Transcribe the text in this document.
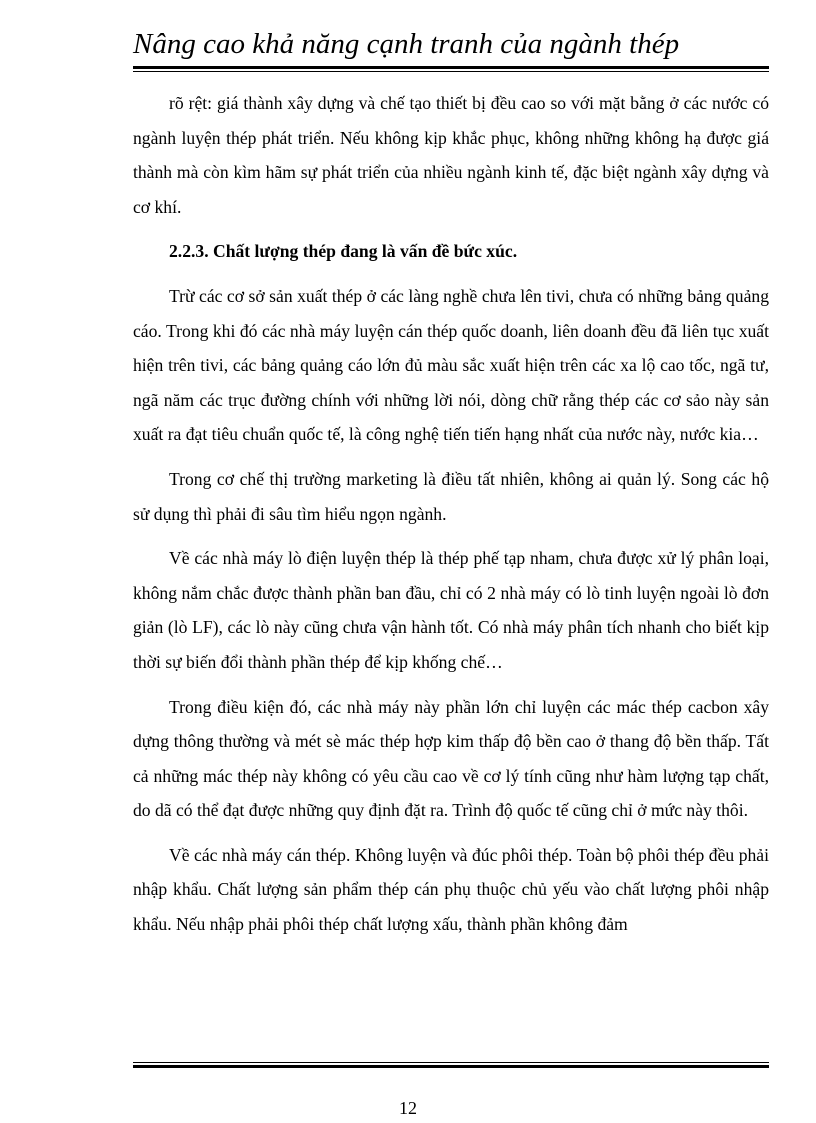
Nâng cao khả năng cạnh tranh của ngành thép

rõ rệt: giá thành xây dựng và chế tạo thiết bị đều cao so với mặt bằng ở các nước có ngành luyện thép phát triển. Nếu không kịp khắc phục, không những không hạ được giá thành mà còn kìm hãm sự phát triển của nhiều ngành kinh tế, đặc biệt ngành xây dựng và cơ khí.

2.2.3. Chất lượng thép đang là vấn đề bức xúc.

Trừ các cơ sở sản xuất thép ở các làng nghề chưa lên tivi, chưa có những bảng quảng cáo. Trong khi đó các nhà máy luyện cán thép quốc doanh, liên doanh đều đã liên tục xuất hiện trên tivi, các bảng quảng cáo lớn đủ màu sắc xuất hiện trên các xa lộ cao tốc, ngã tư, ngã năm các trục đường chính với những lời nói, dòng chữ rằng thép các cơ sảo này sản xuất ra đạt tiêu chuẩn quốc tế, là công nghệ tiến tiến hạng nhất của nước này, nước kia…

Trong cơ chế thị trường marketing là điều tất nhiên, không ai quản lý. Song các hộ sử dụng thì phải đi sâu tìm hiểu ngọn ngành.

Về các nhà máy lò điện luyện thép là thép phế tạp nham, chưa được xử lý phân loại, không nắm chắc được thành phần ban đầu, chỉ có 2 nhà máy có lò tinh luyện ngoài lò đơn giản (lò LF), các lò này cũng chưa vận hành tốt. Có nhà máy phân tích nhanh cho biết kịp thời sự biến đổi thành phần thép để kịp khống chế…

Trong điều kiện đó, các nhà máy này phần lớn chỉ luyện các mác thép cacbon xây dựng thông thường và mét sè mác thép hợp kim thấp độ bền cao ở thang độ bền thấp. Tất cả những mác thép này không có yêu cầu cao về cơ lý tính cũng như hàm lượng tạp chất, do dã có thể đạt được những quy định đặt ra. Trình độ quốc tế cũng chỉ ở mức này thôi.

Về các nhà máy cán thép. Không luyện và đúc phôi thép. Toàn bộ phôi thép đều phải nhập khẩu. Chất lượng sản phẩm thép cán phụ thuộc chủ yếu vào chất lượng phôi nhập khẩu. Nếu nhập phải phôi thép chất lượng xấu, thành phần không đảm

12
